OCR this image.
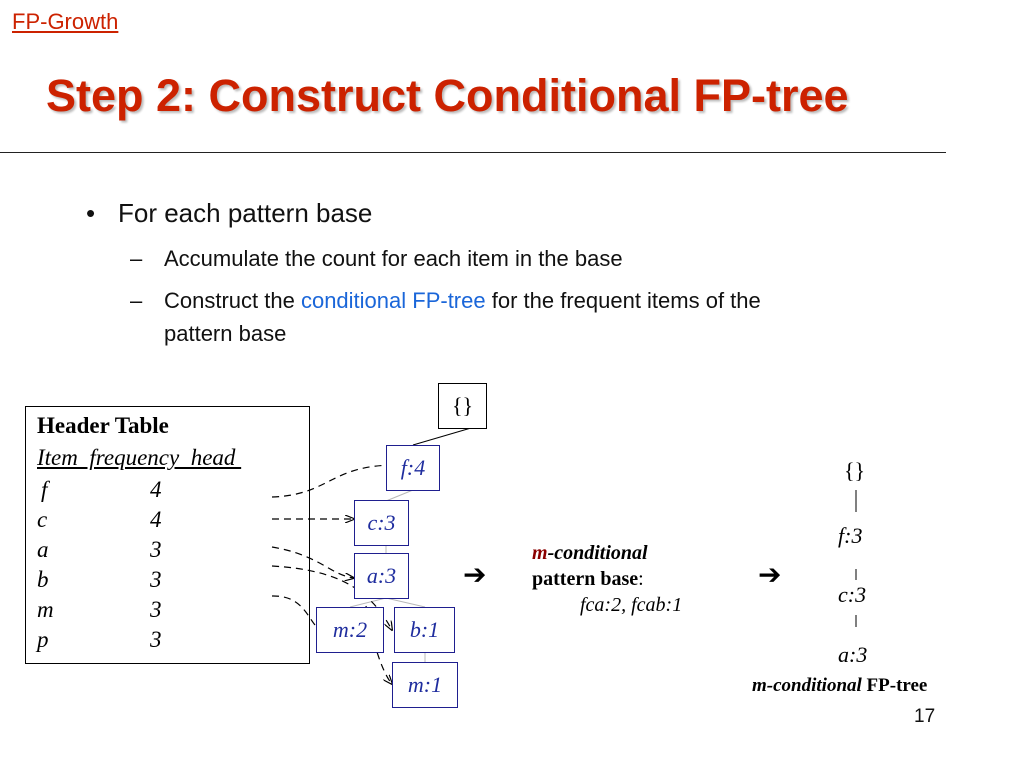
FP-Growth
Step 2: Construct Conditional FP-tree
• For each pattern base
– Accumulate the count for each item in the base
– Construct the conditional FP-tree for the frequent items of the
pattern base
Header Table
Item  frequency  head
f	4
c	4
a	3
b	3
m	3
p	3
{}
f:4
c:3
a:3
m:2	b:1
m:1
➔	➔
m-conditional
pattern base:
fca:2, fcab:1
{}
f:3
c:3
a:3
m-conditional FP-tree
17
